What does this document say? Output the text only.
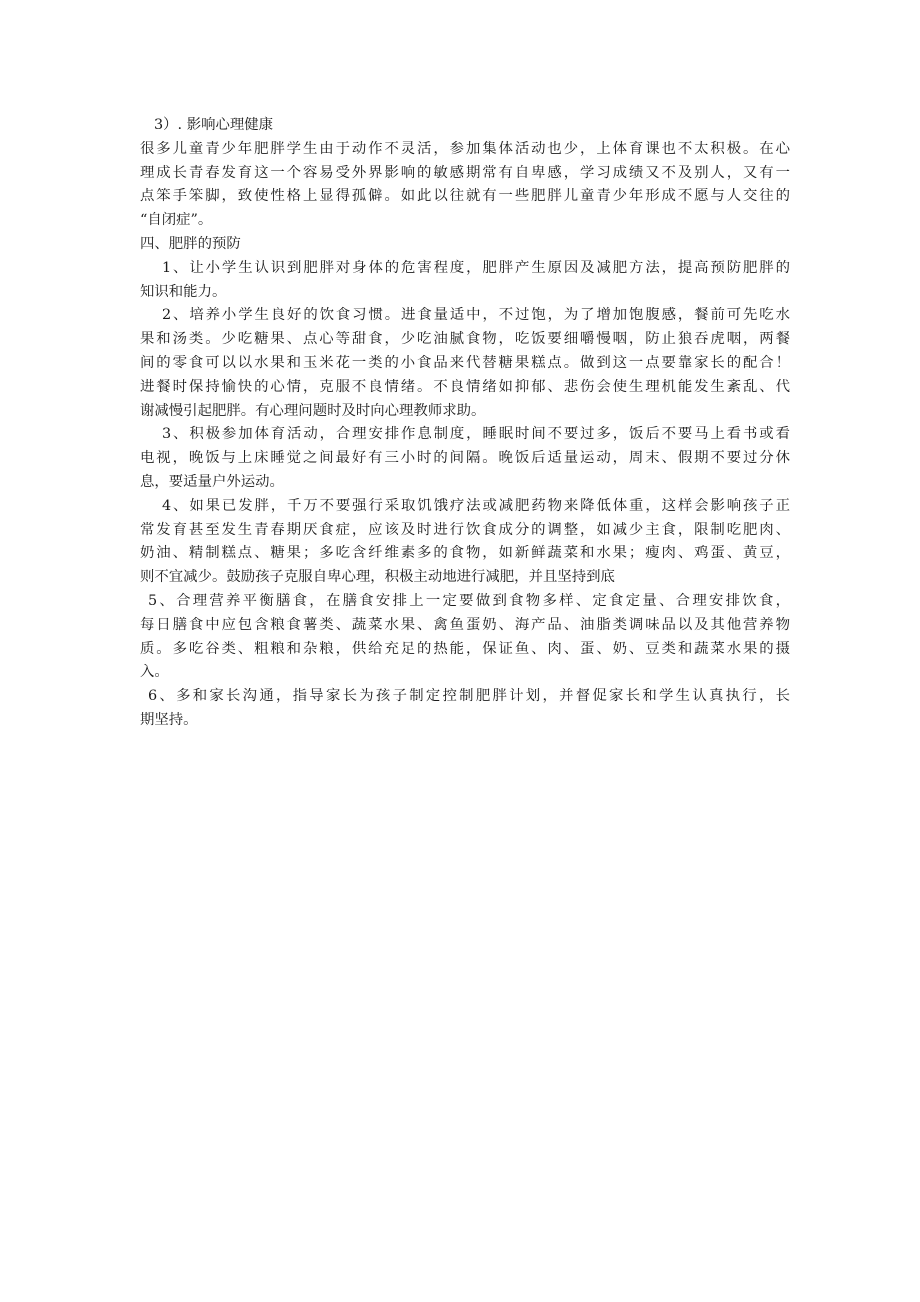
3）. 影响心理健康
很多儿童青少年肥胖学生由于动作不灵活，参加集体活动也少，上体育课也不太积极。在心
理成长青春发育这一个容易受外界影响的敏感期常有自卑感，学习成绩又不及别人，又有一
点笨手笨脚，致使性格上显得孤僻。如此以往就有一些肥胖儿童青少年形成不愿与人交往的
“自闭症”。
四、肥胖的预防
1、让小学生认识到肥胖对身体的危害程度，肥胖产生原因及减肥方法，提高预防肥胖的
知识和能力。
2、培养小学生良好的饮食习惯。进食量适中，不过饱，为了增加饱腹感，餐前可先吃水
果和汤类。少吃糖果、点心等甜食，少吃油腻食物，吃饭要细嚼慢咽，防止狼吞虎咽，两餐
间的零食可以以水果和玉米花一类的小食品来代替糖果糕点。做到这一点要靠家长的配合！
进餐时保持愉快的心情，克服不良情绪。不良情绪如抑郁、悲伤会使生理机能发生紊乱、代
谢减慢引起肥胖。有心理问题时及时向心理教师求助。
3、积极参加体育活动，合理安排作息制度，睡眠时间不要过多，饭后不要马上看书或看
电视，晚饭与上床睡觉之间最好有三小时的间隔。晚饭后适量运动，周末、假期不要过分休
息，要适量户外运动。
4、如果已发胖，千万不要强行采取饥饿疗法或减肥药物来降低体重，这样会影响孩子正
常发育甚至发生青春期厌食症，应该及时进行饮食成分的调整，如减少主食，限制吃肥肉、
奶油、精制糕点、糖果；多吃含纤维素多的食物，如新鲜蔬菜和水果；瘦肉、鸡蛋、黄豆，
则不宜减少。鼓励孩子克服自卑心理，积极主动地进行减肥，并且坚持到底
5、合理营养平衡膳食，在膳食安排上一定要做到食物多样、定食定量、合理安排饮食，
每日膳食中应包含粮食薯类、蔬菜水果、禽鱼蛋奶、海产品、油脂类调味品以及其他营养物
质。多吃谷类、粗粮和杂粮，供给充足的热能，保证鱼、肉、蛋、奶、豆类和蔬菜水果的摄
入。
6、多和家长沟通，指导家长为孩子制定控制肥胖计划，并督促家长和学生认真执行，长
期坚持。
